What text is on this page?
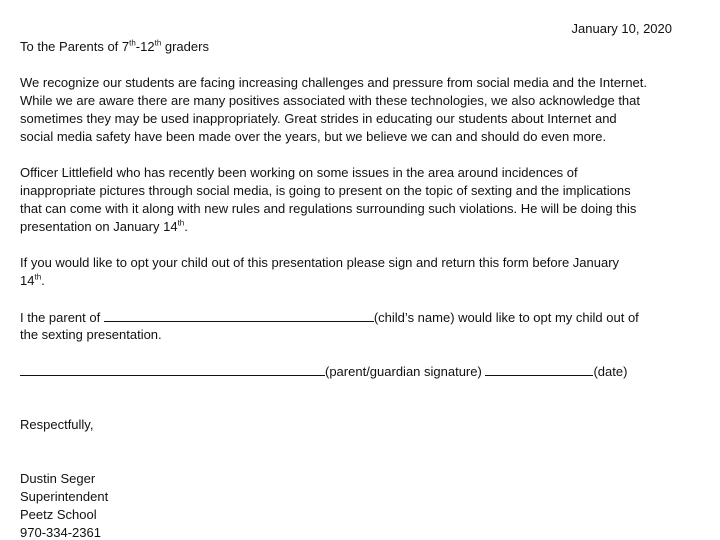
January 10, 2020
To the Parents of 7th-12th graders
We recognize our students are facing increasing challenges and pressure from social media and the Internet.
While we are aware there are many positives associated with these technologies, we also acknowledge that
sometimes they may be used inappropriately. Great strides in educating our students about Internet and
social media safety have been made over the years, but we believe we can and should do even more.
Officer Littlefield who has recently been working on some issues in the area around incidences of
inappropriate pictures through social media, is going to present on the topic of sexting and the implications
that can come with it along with new rules and regulations surrounding such violations. He will be doing this
presentation on January 14th.
If you would like to opt your child out of this presentation please sign and return this form before January
14th.
I the parent of	(child’s name) would like to opt my child out of
the sexting presentation.
(parent/guardian signature)	(date)
Respectfully,
Dustin Seger
Superintendent
Peetz School
970-334-2361
